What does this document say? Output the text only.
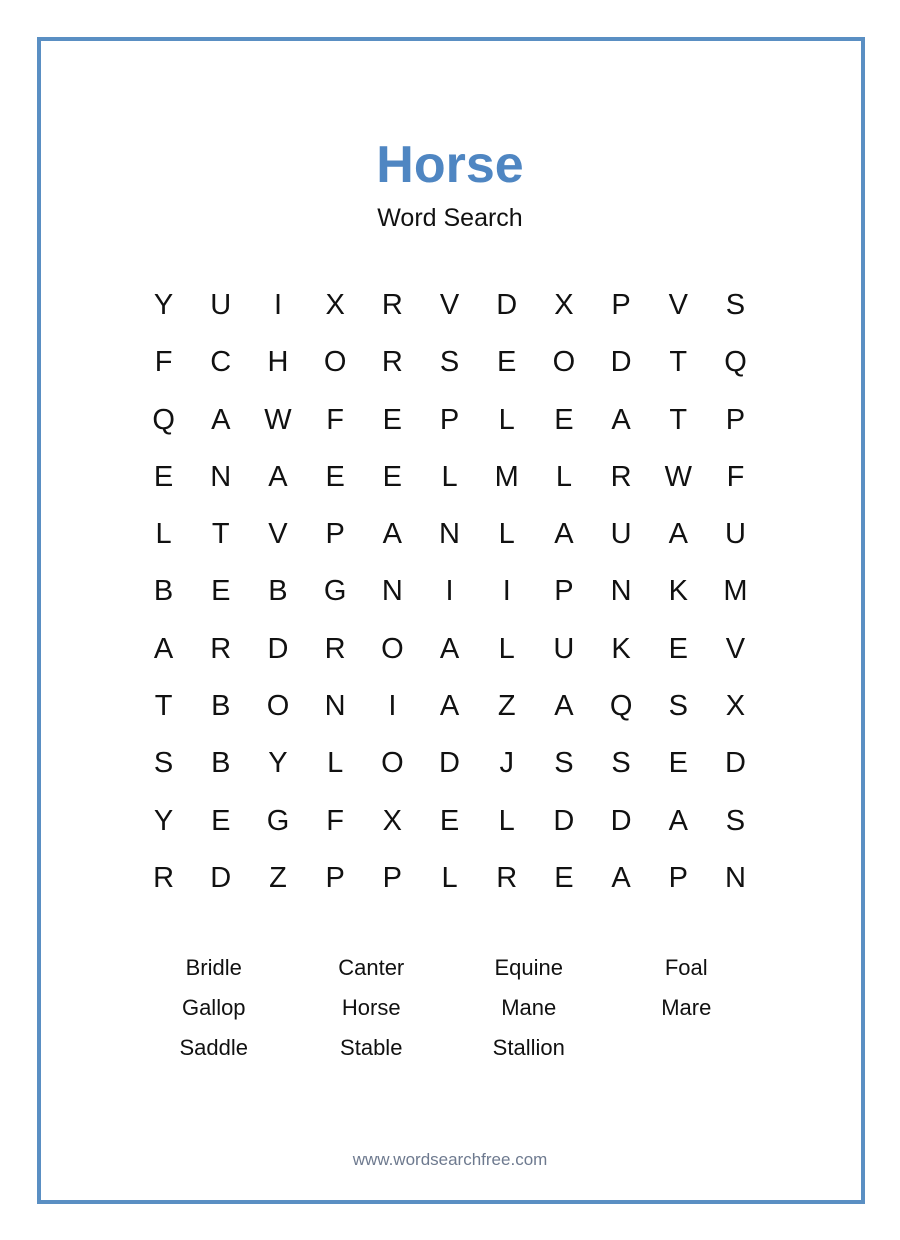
Horse
Word Search
Y	U	I	X	R	V	D	X	P	V	S
F	C	H	O	R	S	E	O	D	T	Q
Q	A	W	F	E	P	L	E	A	T	P
E	N	A	E	E	L	M	L	R	W	F
L	T	V	P	A	N	L	A	U	A	U
B	E	B	G	N	I	I	P	N	K	M
A	R	D	R	O	A	L	U	K	E	V
T	B	O	N	I	A	Z	A	Q	S	X
S	B	Y	L	O	D	J	S	S	E	D
Y	E	G	F	X	E	L	D	D	A	S
R	D	Z	P	P	L	R	E	A	P	N
Bridle	Canter	Equine	Foal
Gallop	Horse	Mane	Mare
Saddle	Stable	Stallion
www.wordsearchfree.com
